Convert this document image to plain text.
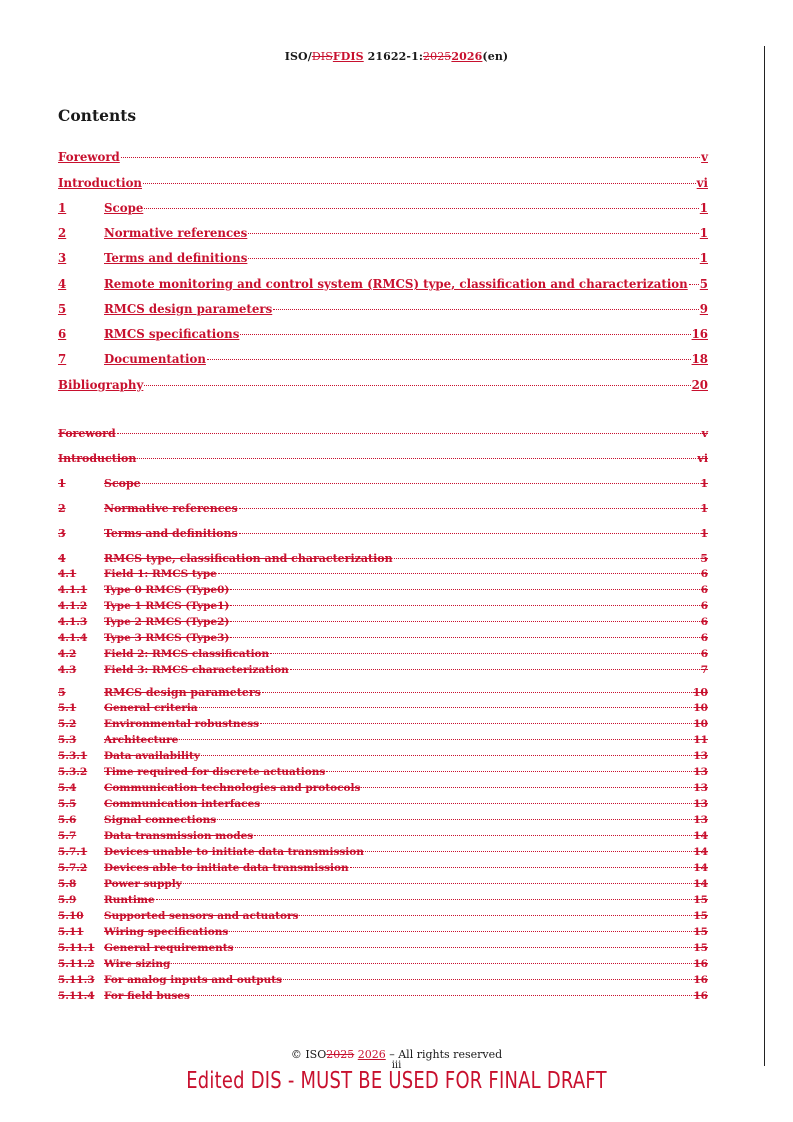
ISO/DISFDIS 21622-1:20252026(en)
Contents
Foreword	v
Introduction	vi
1	Scope	1
2	Normative references	1
3	Terms and definitions	1
4	Remote monitoring and control system (RMCS) type, classification and characterization 5
5	RMCS design parameters	9
6	RMCS specifications	16
7	Documentation	18
Bibliography	20
Foreword	v
Introduction	vi
1	Scope	1
2	Normative references	1
3	Terms and definitions	1
4	RMCS type, classification and characterization	5
4.1	Field 1: RMCS type	6
4.1.1	Type 0 RMCS (Type0)	6
4.1.2	Type 1 RMCS (Type1)	6
4.1.3	Type 2 RMCS (Type2)	6
4.1.4	Type 3 RMCS (Type3)	6
4.2	Field 2: RMCS classification	6
4.3	Field 3: RMCS characterization	7
5	RMCS design parameters	10
5.1	General criteria	10
5.2	Environmental robustness	10
5.3	Architecture	11
5.3.1	Data availability	13
5.3.2	Time required for discrete actuations	13
5.4	Communication technologies and protocols	13
5.5	Communication interfaces	13
5.6	Signal connections	13
5.7	Data transmission modes	14
5.7.1	Devices unable to initiate data transmission	14
5.7.2	Devices able to initiate data transmission	14
5.8	Power supply	14
5.9	Runtime	15
5.10	Supported sensors and actuators	15
5.11	Wiring specifications	15
5.11.1 General requirements	15
5.11.2 Wire sizing	16
5.11.3 For analog inputs and outputs	16
5.11.4 For field buses	16
© ISO2025 2026 – All rights reserved
iii
Edited DIS - MUST BE USED FOR FINAL DRAFT
